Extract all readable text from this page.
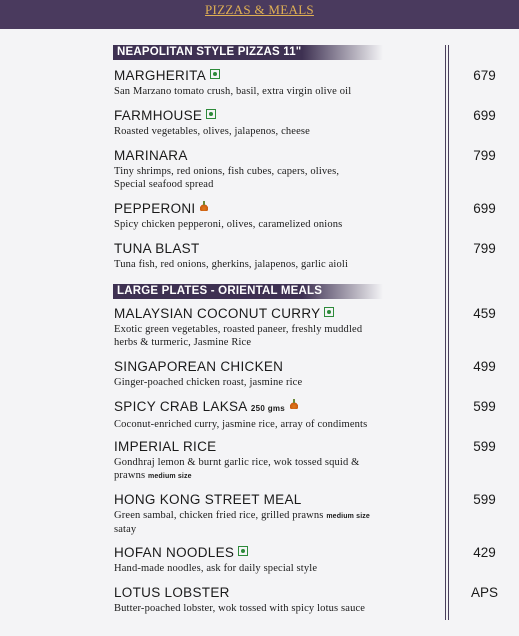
PIZZAS & MEALS
NEAPOLITAN STYLE PIZZAS 11"
MARGHERITA
San Marzano tomato crush, basil, extra virgin olive oil
679
FARMHOUSE
Roasted vegetables, olives, jalapenos, cheese
699
MARINARA
Tiny shrimps, red onions, fish cubes, capers, olives,
Special seafood spread
799
PEPPERONI
Spicy chicken pepperoni, olives, caramelized onions
699
TUNA BLAST
Tuna fish, red onions, gherkins, jalapenos, garlic aioli
799
LARGE PLATES - ORIENTAL MEALS
MALAYSIAN COCONUT CURRY
Exotic green vegetables, roasted paneer, freshly muddled
herbs & turmeric, Jasmine Rice
459
SINGAPOREAN CHICKEN
Ginger-poached chicken roast, jasmine rice
499
SPICY CRAB LAKSA 250 gms
Coconut-enriched curry, jasmine rice, array of condiments
599
IMPERIAL RICE
Gondhraj lemon & burnt garlic rice, wok tossed squid &
prawns medium size
599
HONG KONG STREET MEAL
Green sambal, chicken fried rice, grilled prawns medium size
satay
599
HOFAN NOODLES
Hand-made noodles, ask for daily special style
429
LOTUS LOBSTER
Butter-poached lobster, wok tossed with spicy lotus sauce
APS
